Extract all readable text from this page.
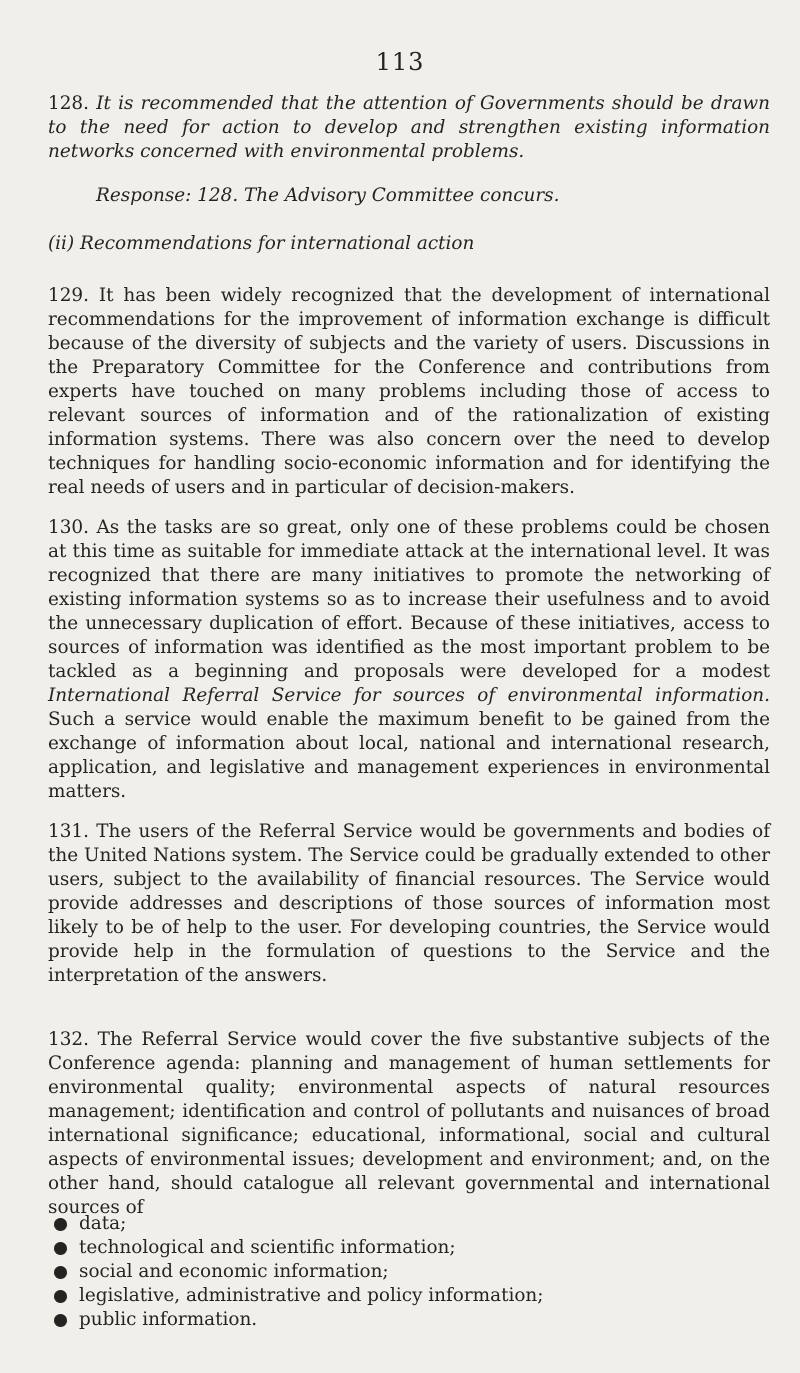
113

128. It is recommended that the attention of Governments should be drawn to the need for action to develop and strengthen existing information networks concerned with environmental problems.

Response: 128. The Advisory Committee concurs.

(ii) Recommendations for international action

129. It has been widely recognized that the development of international recommendations for the improvement of information exchange is difficult because of the diversity of subjects and the variety of users. Discussions in the Preparatory Committee for the Conference and contributions from experts have touched on many problems including those of access to relevant sources of information and of the rationalization of existing information systems. There was also concern over the need to develop techniques for handling socio-economic information and for identifying the real needs of users and in particular of decision-makers.

130. As the tasks are so great, only one of these problems could be chosen at this time as suitable for immediate attack at the international level. It was recognized that there are many initiatives to promote the networking of existing information systems so as to increase their usefulness and to avoid the unnecessary duplication of effort. Because of these initiatives, access to sources of information was identified as the most important problem to be tackled as a beginning and proposals were developed for a modest International Referral Service for sources of environmental information. Such a service would enable the maximum benefit to be gained from the exchange of information about local, national and international research, application, and legislative and management experiences in environmental matters.

131. The users of the Referral Service would be governments and bodies of the United Nations system. The Service could be gradually extended to other users, subject to the availability of financial resources. The Service would provide addresses and descriptions of those sources of information most likely to be of help to the user. For developing countries, the Service would provide help in the formulation of questions to the Service and the interpretation of the answers.

132. The Referral Service would cover the five substantive subjects of the Conference agenda: planning and management of human settlements for environmental quality; environmental aspects of natural resources management; identification and control of pollutants and nuisances of broad international significance; educational, informational, social and cultural aspects of environmental issues; development and environment; and, on the other hand, should catalogue all relevant governmental and international sources of

data;
technological and scientific information;
social and economic information;
legislative, administrative and policy information;
public information.
